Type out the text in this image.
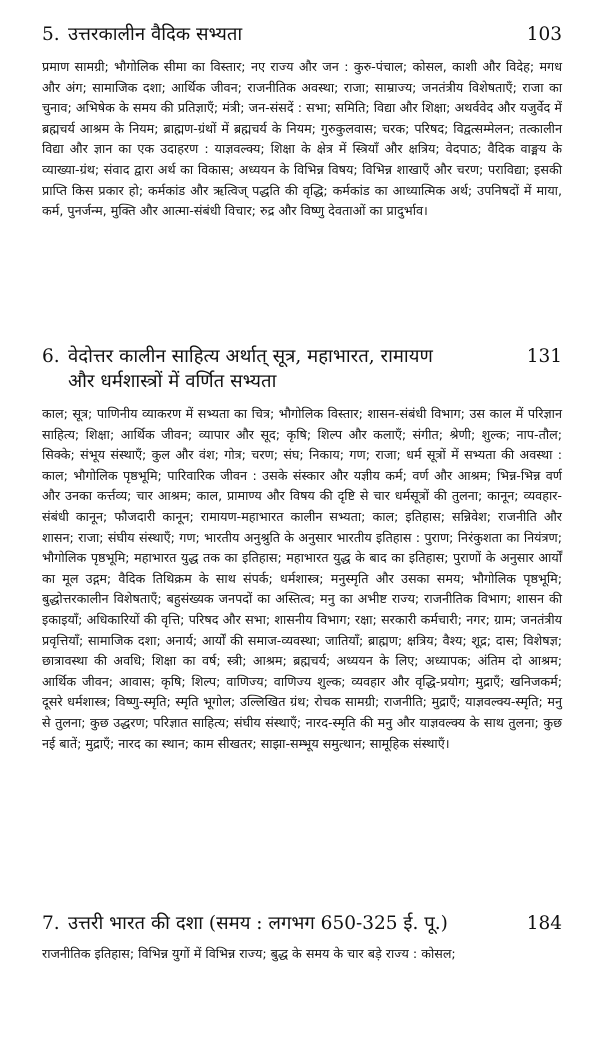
5. उत्तरकालीन वैदिक सभ्यता	103

प्रमाण सामग्री; भौगोलिक सीमा का विस्तार; नए राज्य और जन : कुरु-पंचाल; कोसल, काशी और विदेह; मगध और अंग; सामाजिक दशा; आर्थिक जीवन; राजनीतिक अवस्था; राजा; साम्राज्य; जनतंत्रीय विशेषताएँ; राजा का चुनाव; अभिषेक के समय की प्रतिज्ञाएँ; मंत्री; जन-संसदें : सभा; समिति; विद्या और शिक्षा; अथर्ववेद और यजुर्वेद में ब्रह्मचर्य आश्रम के नियम; ब्राह्मण-ग्रंथों में ब्रह्मचर्य के नियम; गुरुकुलवास; चरक; परिषद; विद्वत्सम्मेलन; तत्कालीन विद्या और ज्ञान का एक उदाहरण : याज्ञवल्क्य; शिक्षा के क्षेत्र में स्त्रियाँ और क्षत्रिय; वेदपाठ; वैदिक वाङ्मय के व्याख्या-ग्रंथ; संवाद द्वारा अर्थ का विकास; अध्ययन के विभिन्न विषय; विभिन्न शाखाएँ और चरण; पराविद्या; इसकी प्राप्ति किस प्रकार हो; कर्मकांड और ऋत्विज् पद्धति की वृद्धि; कर्मकांड का आध्यात्मिक अर्थ; उपनिषदों में माया, कर्म, पुनर्जन्म, मुक्ति और आत्मा-संबंधी विचार; रुद्र और विष्णु देवताओं का प्रादुर्भाव।

6. वेदोत्तर कालीन साहित्य अर्थात् सूत्र, महाभारत, रामायण
और धर्मशास्त्रों में वर्णित सभ्यता
131

काल; सूत्र; पाणिनीय व्याकरण में सभ्यता का चित्र; भौगोलिक विस्तार; शासन-संबंधी विभाग; उस काल में परिज्ञान साहित्य; शिक्षा; आर्थिक जीवन; व्यापार और सूद; कृषि; शिल्प और कलाएँ; संगीत; श्रेणी; शुल्क; नाप-तौल; सिक्के; संभूय संस्थाएँ; कुल और वंश; गोत्र; चरण; संघ; निकाय; गण; राजा; धर्म सूत्रों में सभ्यता की अवस्था : काल; भौगोलिक पृष्ठभूमि; पारिवारिक जीवन : उसके संस्कार और यज्ञीय कर्म; वर्ण और आश्रम; भिन्न-भिन्न वर्ण और उनका कर्त्तव्य; चार आश्रम; काल, प्रामाण्य और विषय की दृष्टि से चार धर्मसूत्रों की तुलना; कानून; व्यवहार-संबंधी कानून; फौजदारी कानून; रामायण-महाभारत कालीन सभ्यता; काल; इतिहास; सन्निवेश; राजनीति और शासन; राजा; संघीय संस्थाएँ; गण; भारतीय अनुश्रुति के अनुसार भारतीय इतिहास : पुराण; निरंकुशता का नियंत्रण; भौगोलिक पृष्ठभूमि; महाभारत युद्ध तक का इतिहास; महाभारत युद्ध के बाद का इतिहास; पुराणों के अनुसार आर्यों का मूल उद्गम; वैदिक तिथिक्रम के साथ संपर्क; धर्मशास्त्र; मनुस्मृति और उसका समय; भौगोलिक पृष्ठभूमि; बुद्धोत्तरकालीन विशेषताएँ; बहुसंख्यक जनपदों का अस्तित्व; मनु का अभीष्ट राज्य; राजनीतिक विभाग; शासन की इकाइयाँ; अधिकारियों की वृत्ति; परिषद और सभा; शासनीय विभाग; रक्षा; सरकारी कर्मचारी; नगर; ग्राम; जनतंत्रीय प्रवृत्तियाँ; सामाजिक दशा; अनार्य; आर्यों की समाज-व्यवस्था; जातियाँ; ब्राह्मण; क्षत्रिय; वैश्य; शूद्र; दास; विशेषज्ञ; छात्रावस्था की अवधि; शिक्षा का वर्ष; स्त्री; आश्रम; ब्रह्मचर्य; अध्ययन के लिए; अध्यापक; अंतिम दो आश्रम; आर्थिक जीवन; आवास; कृषि; शिल्प; वाणिज्य; वाणिज्य शुल्क; व्यवहार और वृद्धि-प्रयोग; मुद्राएँ; खनिजकर्म; दूसरे धर्मशास्त्र; विष्णु-स्मृति; स्मृति भूगोल; उल्लिखित ग्रंथ; रोचक सामग्री; राजनीति; मुद्राएँ; याज्ञवल्क्य-स्मृति; मनु से तुलना; कुछ उद्धरण; परिज्ञात साहित्य; संघीय संस्थाएँ; नारद-स्मृति की मनु और याज्ञवल्क्य के साथ तुलना; कुछ नई बातें; मुद्राएँ; नारद का स्थान; काम सीखतर; साझा-सम्भूय समुत्थान; सामूहिक संस्थाएँ।

7. उत्तरी भारत की दशा (समय : लगभग 650-325 ई. पू.)	184

राजनीतिक इतिहास; विभिन्न युगों में विभिन्न राज्य; बुद्ध के समय के चार बड़े राज्य : कोसल;
